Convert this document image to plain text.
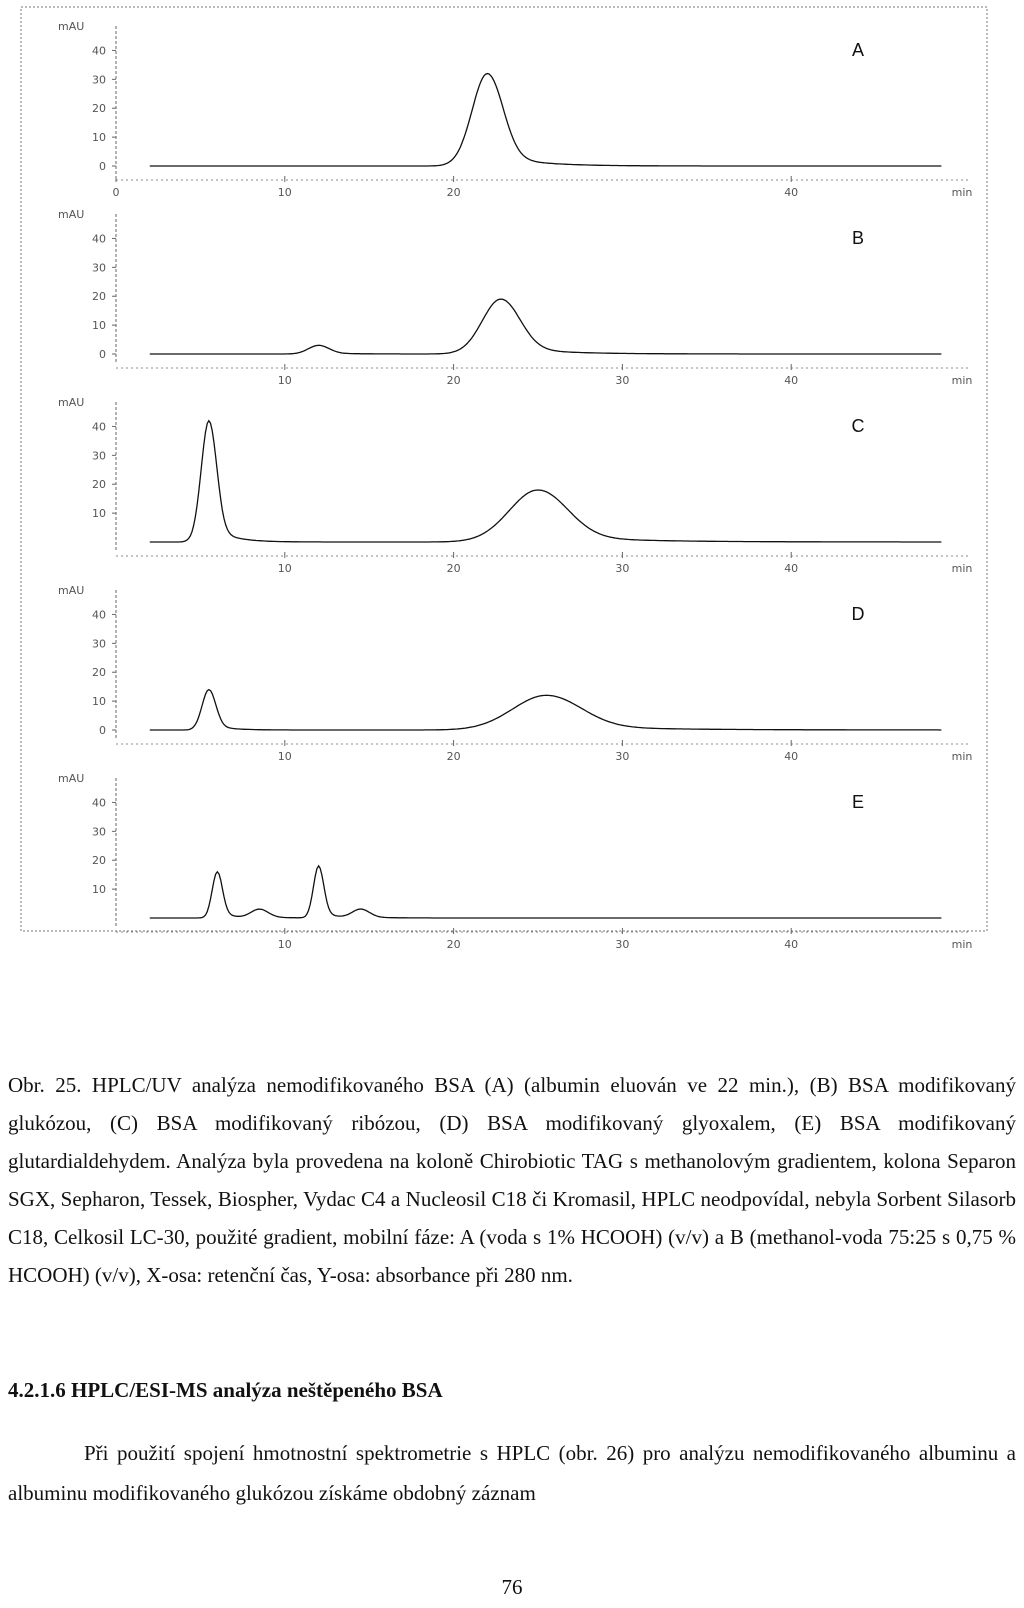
mAU
40
30
20
10
0
0	10	20	40	min
A
mAU
40
30
20
10
0
10	20	30	40	min
B
mAU
40
30
20
10
10	20	30	40	min
C
mAU
40
30
20
10
0
10	20	30	40	min
D
mAU
40
30
20
10
10	20	30	40	min
E

Obr. 25. HPLC/UV analýza nemodifikovaného BSA (A) (albumin eluován ve 22 min.), (B) BSA modifikovaný glukózou, (C) BSA modifikovaný ribózou, (D) BSA modifikovaný glyoxalem, (E) BSA modifikovaný glutardialdehydem. Analýza byla provedena na koloně Chirobiotic TAG s methanolovým gradientem, kolona Separon SGX, Sepharon, Tessek, Biospher, Vydac C4 a Nucleosil C18 či Kromasil, HPLC neodpovídal, nebyla Sorbent Silasorb C18, Celkosil LC-30, použité gradient, mobilní fáze: A (voda s 1% HCOOH) (v/v) a B (methanol-voda 75:25 s 0,75 % HCOOH) (v/v), X-osa: retenční čas, Y-osa: absorbance při 280 nm.

4.2.1.6 HPLC/ESI-MS analýza neštěpeného BSA

Při použití spojení hmotnostní spektrometrie s HPLC (obr. 26) pro analýzu nemodifikovaného albuminu a albuminu modifikovaného glukózou získáme obdobný záznam

76
